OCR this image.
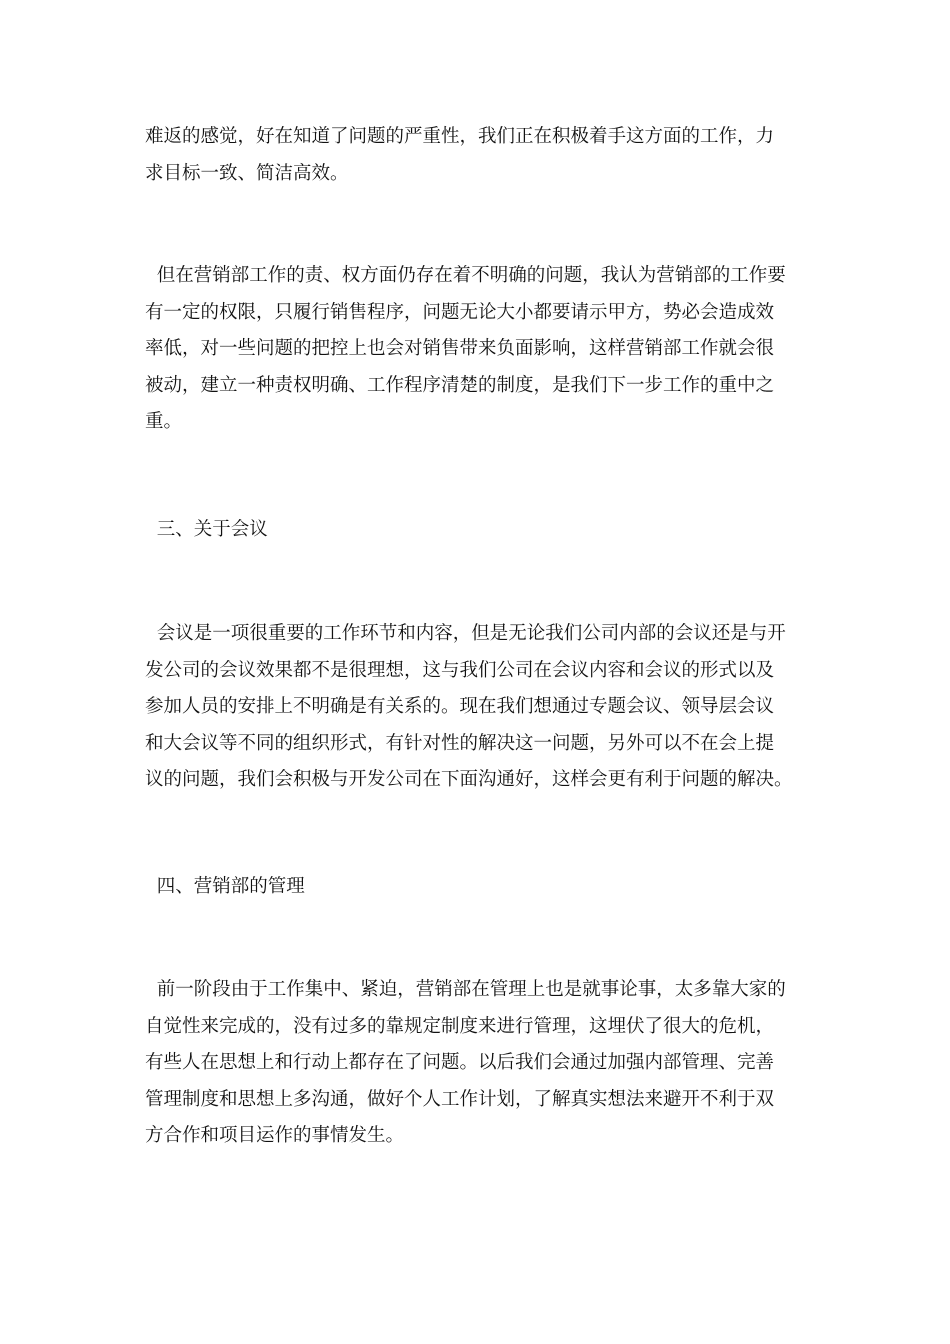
难返的感觉，好在知道了问题的严重性，我们正在积极着手这方面的工作，力
求目标一致、简洁高效。

但在营销部工作的责、权方面仍存在着不明确的问题，我认为营销部的工作要
有一定的权限，只履行销售程序，问题无论大小都要请示甲方，势必会造成效
率低，对一些问题的把控上也会对销售带来负面影响，这样营销部工作就会很
被动，建立一种责权明确、工作程序清楚的制度，是我们下一步工作的重中之
重。

三、关于会议

会议是一项很重要的工作环节和内容，但是无论我们公司内部的会议还是与开
发公司的会议效果都不是很理想，这与我们公司在会议内容和会议的形式以及
参加人员的安排上不明确是有关系的。现在我们想通过专题会议、领导层会议
和大会议等不同的组织形式，有针对性的解决这一问题，另外可以不在会上提
议的问题，我们会积极与开发公司在下面沟通好，这样会更有利于问题的解决。

四、营销部的管理

前一阶段由于工作集中、紧迫，营销部在管理上也是就事论事，太多靠大家的
自觉性来完成的，没有过多的靠规定制度来进行管理，这埋伏了很大的危机，
有些人在思想上和行动上都存在了问题。以后我们会通过加强内部管理、完善
管理制度和思想上多沟通，做好个人工作计划，了解真实想法来避开不利于双
方合作和项目运作的事情发生。
